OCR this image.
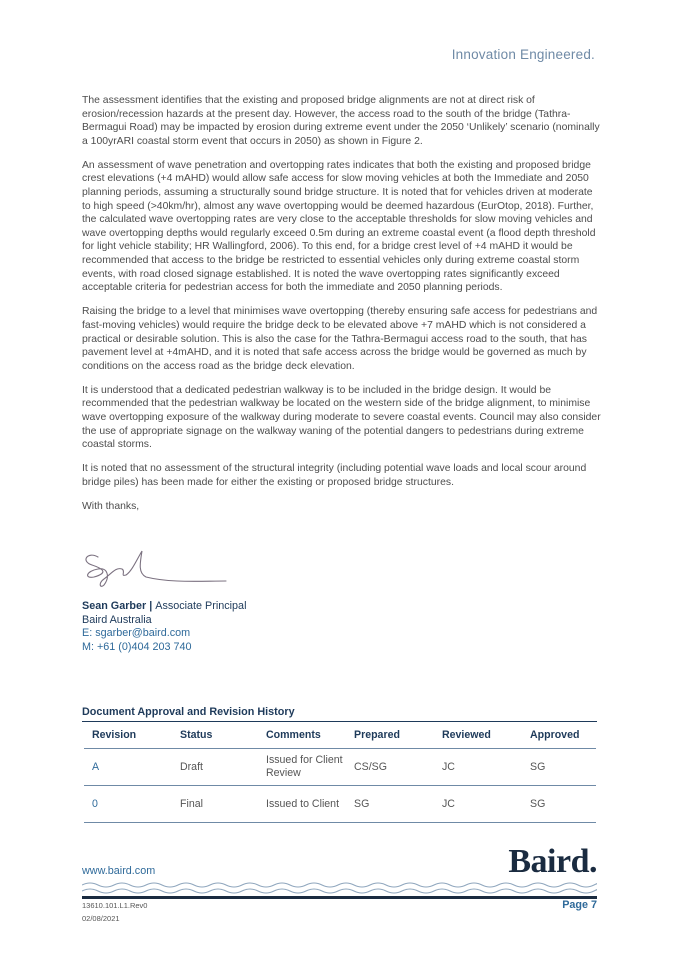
Innovation Engineered.

The assessment identifies that the existing and proposed bridge alignments are not at direct risk of erosion/recession hazards at the present day. However, the access road to the south of the bridge (Tathra-Bermagui Road) may be impacted by erosion during extreme event under the 2050 ‘Unlikely’ scenario (nominally a 100yrARI coastal storm event that occurs in 2050) as shown in Figure 2.

An assessment of wave penetration and overtopping rates indicates that both the existing and proposed bridge crest elevations (+4 mAHD) would allow safe access for slow moving vehicles at both the Immediate and 2050 planning periods, assuming a structurally sound bridge structure. It is noted that for vehicles driven at moderate to high speed (>40km/hr), almost any wave overtopping would be deemed hazardous (EurOtop, 2018). Further, the calculated wave overtopping rates are very close to the acceptable thresholds for slow moving vehicles and wave overtopping depths would regularly exceed 0.5m during an extreme coastal event (a flood depth threshold for light vehicle stability; HR Wallingford, 2006). To this end, for a bridge crest level of +4 mAHD it would be recommended that access to the bridge be restricted to essential vehicles only during extreme coastal storm events, with road closed signage established. It is noted the wave overtopping rates significantly exceed acceptable criteria for pedestrian access for both the immediate and 2050 planning periods.

Raising the bridge to a level that minimises wave overtopping (thereby ensuring safe access for pedestrians and fast-moving vehicles) would require the bridge deck to be elevated above +7 mAHD which is not considered a practical or desirable solution. This is also the case for the Tathra-Bermagui access road to the south, that has pavement level at +4mAHD, and it is noted that safe access across the bridge would be governed as much by conditions on the access road as the bridge deck elevation.

It is understood that a dedicated pedestrian walkway is to be included in the bridge design. It would be recommended that the pedestrian walkway be located on the western side of the bridge alignment, to minimise wave overtopping exposure of the walkway during moderate to severe coastal events. Council may also consider the use of appropriate signage on the walkway waning of the potential dangers to pedestrians during extreme coastal storms.

It is noted that no assessment of the structural integrity (including potential wave loads and local scour around bridge piles) has been made for either the existing or proposed bridge structures.

With thanks,

Sean Garber | Associate Principal
Baird Australia
E: sgarber@baird.com
M: +61 (0)404 203 740
Document Approval and Revision History
Revision	Status	Comments	Prepared	Reviewed	Approved
A	Draft	Issued for Client Review	CS/SG	JC	SG
0	Final	Issued to Client	SG	JC	SG
www.baird.com	Baird.
13610.101.L1.Rev0
02/08/2021
Page 7
